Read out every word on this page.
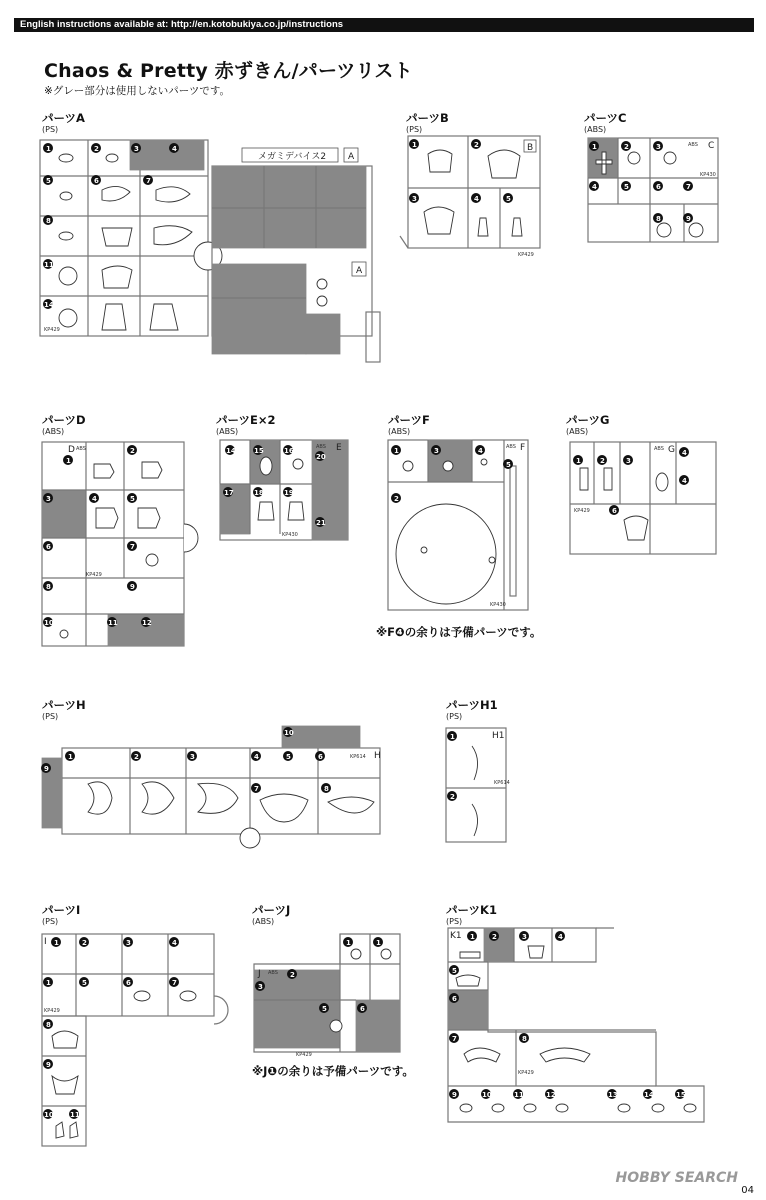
English instructions available at: http://en.kotobukiya.co.jp/instructions
Chaos & Pretty 赤ずきん/パーツリスト
※グレー部分は使用しないパーツです。
パーツA
(PS)
パーツB
(PS)
パーツC
(ABS)
パーツD
(ABS)
パーツE×2
(ABS)
パーツF
(ABS)
パーツG
(ABS)
パーツH
(PS)
パーツH1
(PS)
パーツI
(PS)
パーツJ
(ABS)
パーツK1
(PS)
※F❹の余りは予備パーツです。
※J❶の余りは予備パーツです。
メガミデバイス2 A
A
KP429
1	2	3	4
5	6	7
8
11
14
B
KP429
1	2
3	4	5
ABS C
KP430
1	2	3
4	5	6	7
8	9
D ABS
KP429
1
2
3	4	5
6	7
8	9
10	11	12
ABS E
KP430
14	15	16
17	18	19
20
21
ABS F
KP430
1
2
3	4
5
ABS G
KP429
1	2	3
4
4
6
H
KP614
1	2	3	4	5	6
7	8
9
10	H1
KP614
1
2
I
KP429
1	2	3	4
1	5	6	7
8
9
10 11
J ABS
KP429
1	1
2
3
5	6
K1
KP429
1 2	3	4
5
6
7	8
9	10	11	12	13	14	15
HOBBY SEARCH
04
